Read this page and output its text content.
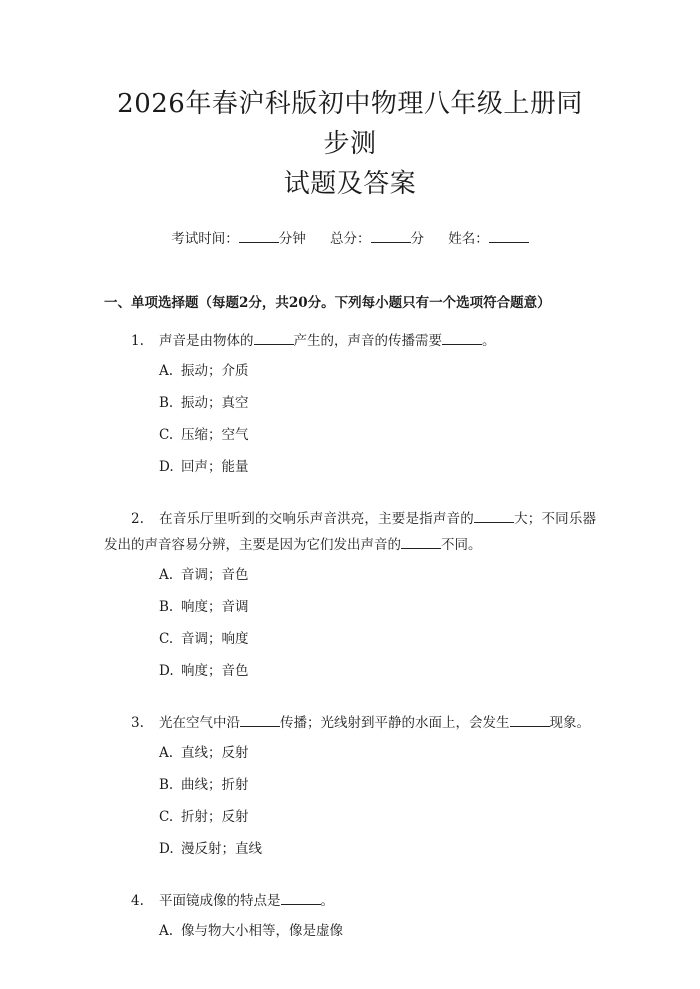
2026年春沪科版初中物理八年级上册同步测
试题及答案
考试时间：	分钟 总分：	分 姓名：
一、单项选择题（每题2分，共20分。下列每小题只有一个选项符合题意）
1. 声音是由物体的	产生的，声音的传播需要	。
A. 振动；介质
B. 振动；真空
C. 压缩；空气
D. 回声；能量
2. 在音乐厅里听到的交响乐声音洪亮，主要是指声音的	大；不同乐器发出的声音容易分辨，主要是因为它们发出声音的	不同。
A. 音调；音色
B. 响度；音调
C. 音调；响度
D. 响度；音色
3. 光在空气中沿	传播；光线射到平静的水面上，会发生	现象。
A. 直线；反射
B. 曲线；折射
C. 折射；反射
D. 漫反射；直线
4. 平面镜成像的特点是	。
A. 像与物大小相等，像是虚像
